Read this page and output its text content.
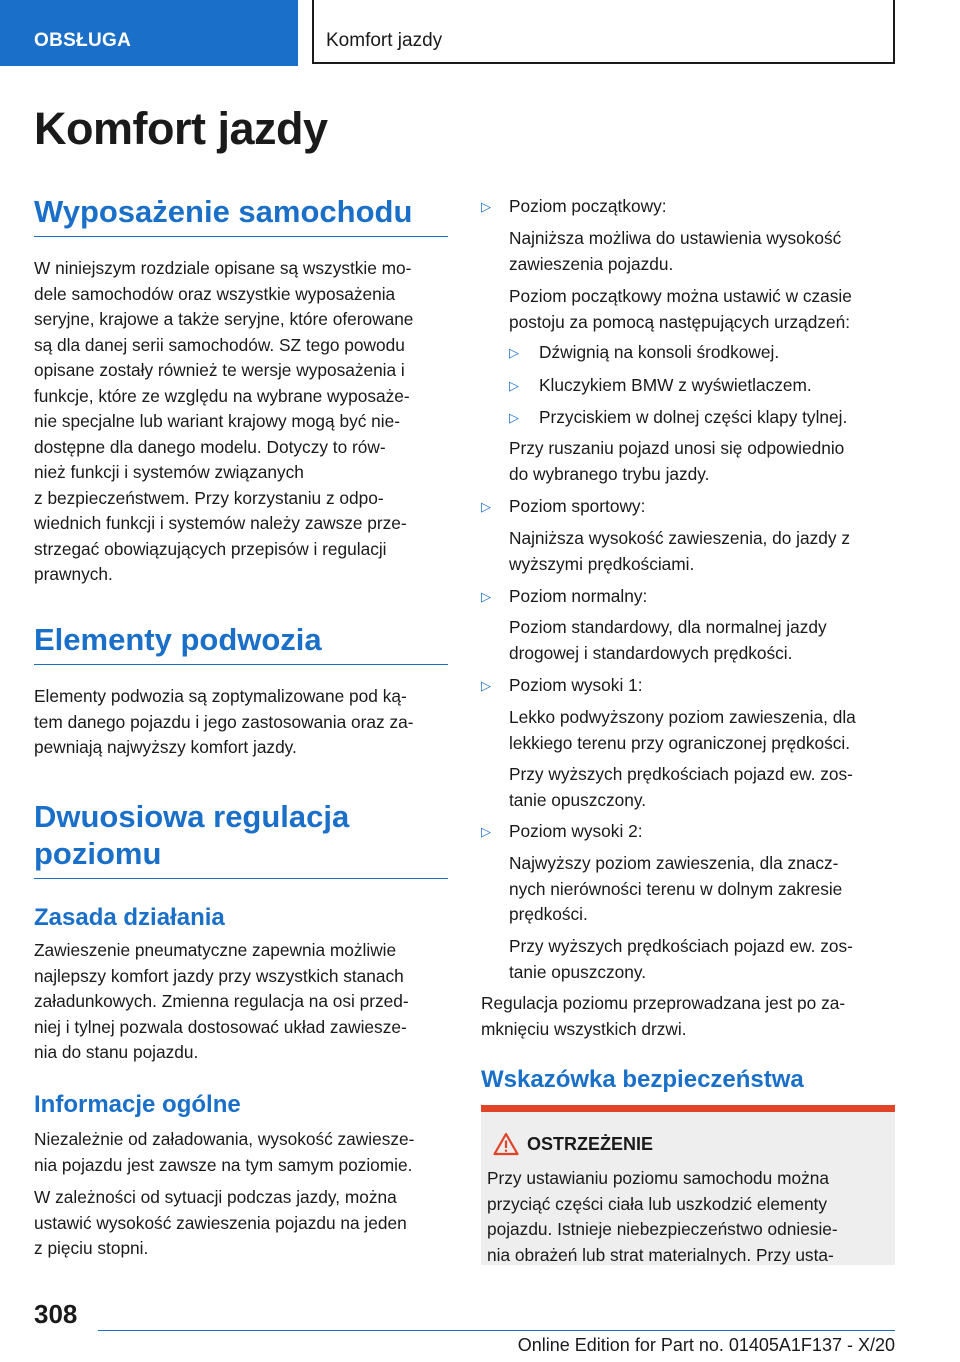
OBSŁUGA	Komfort jazdy
Komfort jazdy
Wyposażenie samochodu
W niniejszym rozdziale opisane są wszystkie mo‐
dele samochodów oraz wszystkie wyposażenia
seryjne, krajowe a także seryjne, które oferowane
są dla danej serii samochodów. SZ tego powodu
opisane zostały również te wersje wyposażenia i
funkcje, które ze względu na wybrane wyposaże‐
nie specjalne lub wariant krajowy mogą być nie‐
dostępne dla danego modelu. Dotyczy to rów‐
nież funkcji i systemów związanych
z bezpieczeństwem. Przy korzystaniu z odpo‐
wiednich funkcji i systemów należy zawsze prze‐
strzegać obowiązujących przepisów i regulacji
prawnych.
Elementy podwozia
Elementy podwozia są zoptymalizowane pod ką‐
tem danego pojazdu i jego zastosowania oraz za‐
pewniają najwyższy komfort jazdy.
Dwuosiowa regulacja
poziomu
Zasada działania
Zawieszenie pneumatyczne zapewnia możliwie
najlepszy komfort jazdy przy wszystkich stanach
załadunkowych. Zmienna regulacja na osi przed‐
niej i tylnej pozwala dostosować układ zawiesze‐
nia do stanu pojazdu.
Informacje ogólne
Niezależnie od załadowania, wysokość zawiesze‐
nia pojazdu jest zawsze na tym samym poziomie.
W zależności od sytuacji podczas jazdy, można
ustawić wysokość zawieszenia pojazdu na jeden
z pięciu stopni.
▷ Poziom początkowy:
Najniższa możliwa do ustawienia wysokość
zawieszenia pojazdu.
Poziom początkowy można ustawić w czasie
postoju za pomocą następujących urządzeń:
▷ Dźwignią na konsoli środkowej.
▷ Kluczykiem BMW z wyświetlaczem.
▷ Przyciskiem w dolnej części klapy tylnej.
Przy ruszaniu pojazd unosi się odpowiednio
do wybranego trybu jazdy.
▷ Poziom sportowy:
Najniższa wysokość zawieszenia, do jazdy z
wyższymi prędkościami.
▷ Poziom normalny:
Poziom standardowy, dla normalnej jazdy
drogowej i standardowych prędkości.
▷ Poziom wysoki 1:
Lekko podwyższony poziom zawieszenia, dla
lekkiego terenu przy ograniczonej prędkości.
Przy wyższych prędkościach pojazd ew. zos‐
tanie opuszczony.
▷ Poziom wysoki 2:
Najwyższy poziom zawieszenia, dla znacz‐
nych nierówności terenu w dolnym zakresie
prędkości.
Przy wyższych prędkościach pojazd ew. zos‐
tanie opuszczony.
Regulacja poziomu przeprowadzana jest po za‐
mknięciu wszystkich drzwi.
Wskazówka bezpieczeństwa
OSTRZEŻENIE
Przy ustawianiu poziomu samochodu można
przyciąć części ciała lub uszkodzić elementy
pojazdu. Istnieje niebezpieczeństwo odniesie‐
nia obrażeń lub strat materialnych. Przy usta‐
308
Online Edition for Part no. 01405A1F137 - X/20
